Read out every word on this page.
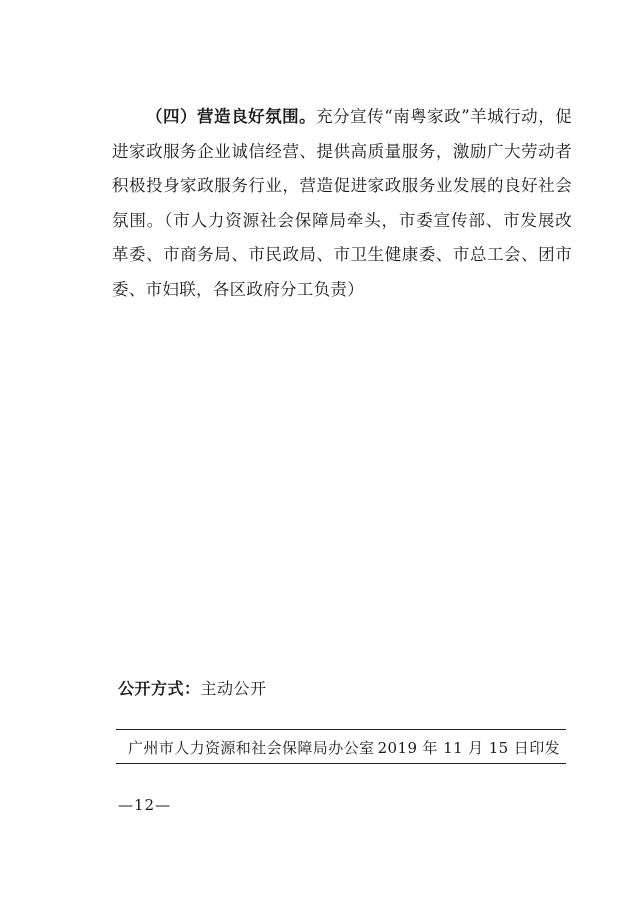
（四）营造良好氛围。充分宣传“南粤家政”羊城行动，促进家政服务企业诚信经营、提供高质量服务，激励广大劳动者积极投身家政服务行业，营造促进家政服务业发展的良好社会氛围。（市人力资源社会保障局牵头，市委宣传部、市发展改革委、市商务局、市民政局、市卫生健康委、市总工会、团市委、市妇联，各区政府分工负责）

公开方式：主动公开
广州市人力资源和社会保障局办公室 2019 年 11 月 15 日印发
—12—
